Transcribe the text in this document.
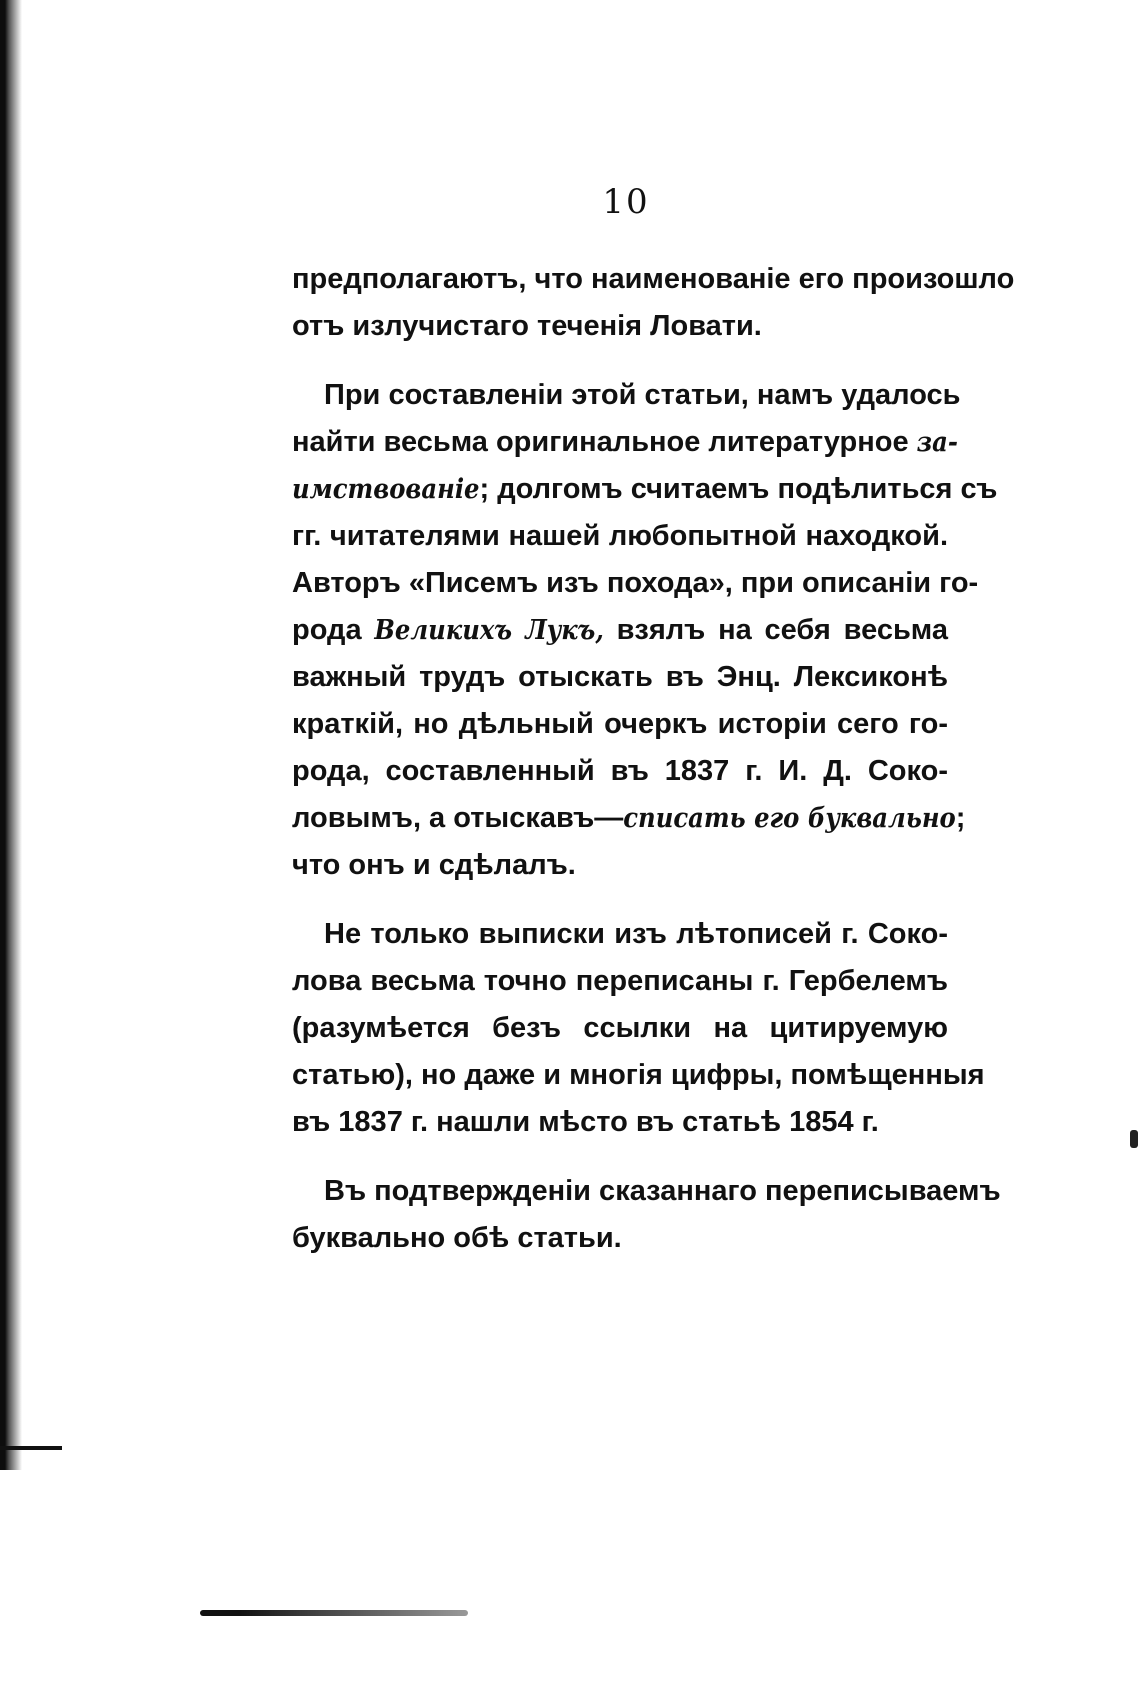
10
предполагаютъ, что наименованіе его произошло
отъ излучистаго теченія Ловати.
При составленіи этой статьи, намъ удалось
найти весьма оригинальное литературное за-
имствованіе; долгомъ считаемъ подѣлиться съ
гг. читателями нашей любопытной находкой.
Авторъ «Писемъ изъ похода», при описаніи го-
рода Великихъ Лукъ, взялъ на себя весьма
важный трудъ отыскать въ Энц. Лексиконѣ
краткій, но дѣльный очеркъ исторіи сего го-
рода, составленный въ 1837 г. И. Д. Соко-
ловымъ, а отыскавъ—списать его буквально;
что онъ и сдѣлалъ.
Не только выписки изъ лѣтописей г. Соко-
лова весьма точно переписаны г. Гербелемъ
(разумѣется безъ ссылки на цитируемую
статью), но даже и многія цифры, помѣщенныя
въ 1837 г. нашли мѣсто въ статьѣ 1854 г.
Въ подтвержденіи сказаннаго переписываемъ
буквально обѣ статьи.
